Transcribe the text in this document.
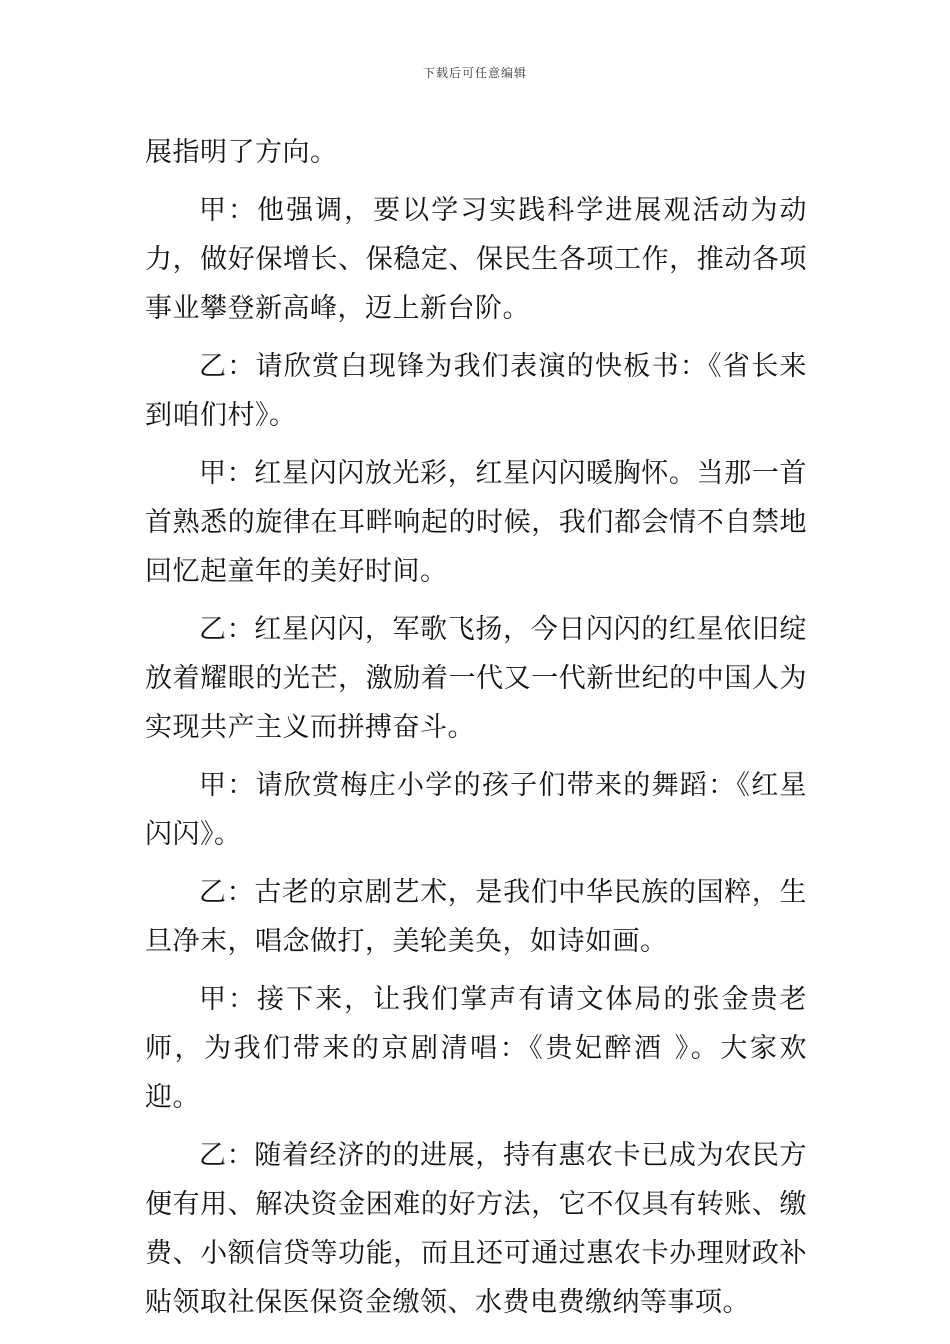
下载后可任意编辑

展指明了方向。

甲：他强调，要以学习实践科学进展观活动为动力，做好保增长、保稳定、保民生各项工作，推动各项事业攀登新高峰，迈上新台阶。

乙：请欣赏白现锋为我们表演的快板书：《省长来到咱们村》。

甲：红星闪闪放光彩，红星闪闪暖胸怀。当那一首首熟悉的旋律在耳畔响起的时候，我们都会情不自禁地回忆起童年的美好时间。

乙：红星闪闪，军歌飞扬，今日闪闪的红星依旧绽放着耀眼的光芒，激励着一代又一代新世纪的中国人为实现共产主义而拼搏奋斗。

甲：请欣赏梅庄小学的孩子们带来的舞蹈：《红星闪闪》。

乙：古老的京剧艺术，是我们中华民族的国粹，生旦净末，唱念做打，美轮美奂，如诗如画。

甲：接下来，让我们掌声有请文体局的张金贵老师，为我们带来的京剧清唱：《贵妃醉酒 》。大家欢迎。

乙：随着经济的的进展，持有惠农卡已成为农民方便有用、解决资金困难的好方法，它不仅具有转账、缴费、小额信贷等功能，而且还可通过惠农卡办理财政补贴领取社保医保资金缴领、水费电费缴纳等事项。
